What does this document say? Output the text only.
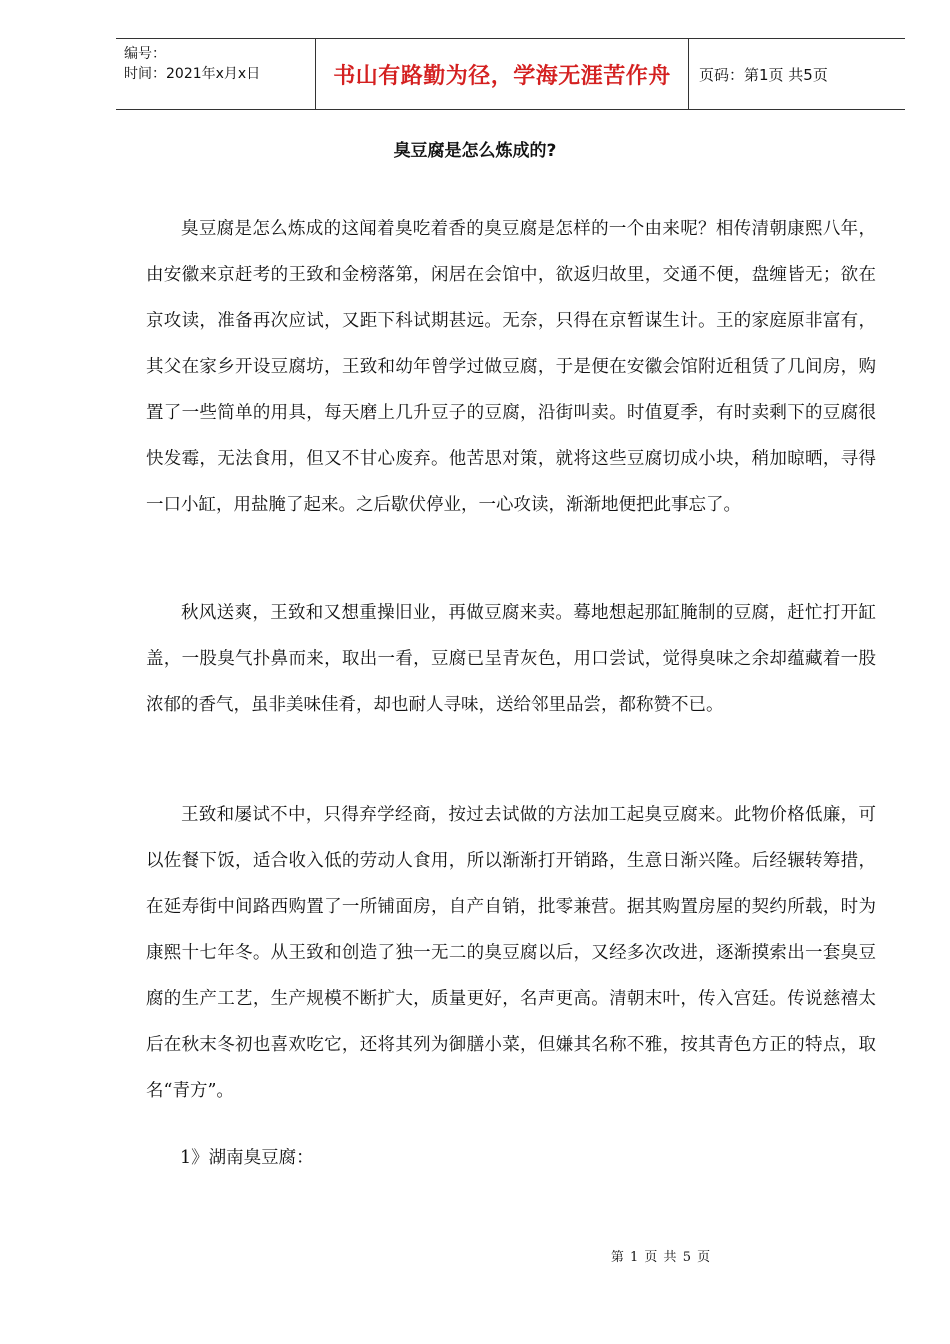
编号：
时间：2021年x月x日	书山有路勤为径，学海无涯苦作舟 页码：第1页 共5页
臭豆腐是怎么炼成的?

臭豆腐是怎么炼成的这闻着臭吃着香的臭豆腐是怎样的一个由来呢？相传清朝康熙八年，由安徽来京赶考的王致和金榜落第，闲居在会馆中，欲返归故里，交通不便，盘缠皆无；欲在京攻读，准备再次应试，又距下科试期甚远。无奈，只得在京暂谋生计。王的家庭原非富有，其父在家乡开设豆腐坊，王致和幼年曾学过做豆腐，于是便在安徽会馆附近租赁了几间房，购置了一些简单的用具，每天磨上几升豆子的豆腐，沿街叫卖。时值夏季，有时卖剩下的豆腐很快发霉，无法食用，但又不甘心废弃。他苦思对策，就将这些豆腐切成小块，稍加晾晒，寻得一口小缸，用盐腌了起来。之后歇伏停业，一心攻读，渐渐地便把此事忘了。

秋风送爽，王致和又想重操旧业，再做豆腐来卖。蓦地想起那缸腌制的豆腐，赶忙打开缸盖，一股臭气扑鼻而来，取出一看，豆腐已呈青灰色，用口尝试，觉得臭味之余却蕴藏着一股浓郁的香气，虽非美味佳肴，却也耐人寻味，送给邻里品尝，都称赞不已。

王致和屡试不中，只得弃学经商，按过去试做的方法加工起臭豆腐来。此物价格低廉，可以佐餐下饭，适合收入低的劳动人食用，所以渐渐打开销路，生意日渐兴隆。后经辗转筹措，在延寿街中间路西购置了一所铺面房，自产自销，批零兼营。据其购置房屋的契约所载，时为康熙十七年冬。从王致和创造了独一无二的臭豆腐以后，又经多次改进，逐渐摸索出一套臭豆腐的生产工艺，生产规模不断扩大，质量更好，名声更高。清朝末叶，传入宫廷。传说慈禧太后在秋末冬初也喜欢吃它，还将其列为御膳小菜，但嫌其名称不雅，按其青色方正的特点，取名“青方”。

1》湖南臭豆腐：

第 1 页 共 5 页
